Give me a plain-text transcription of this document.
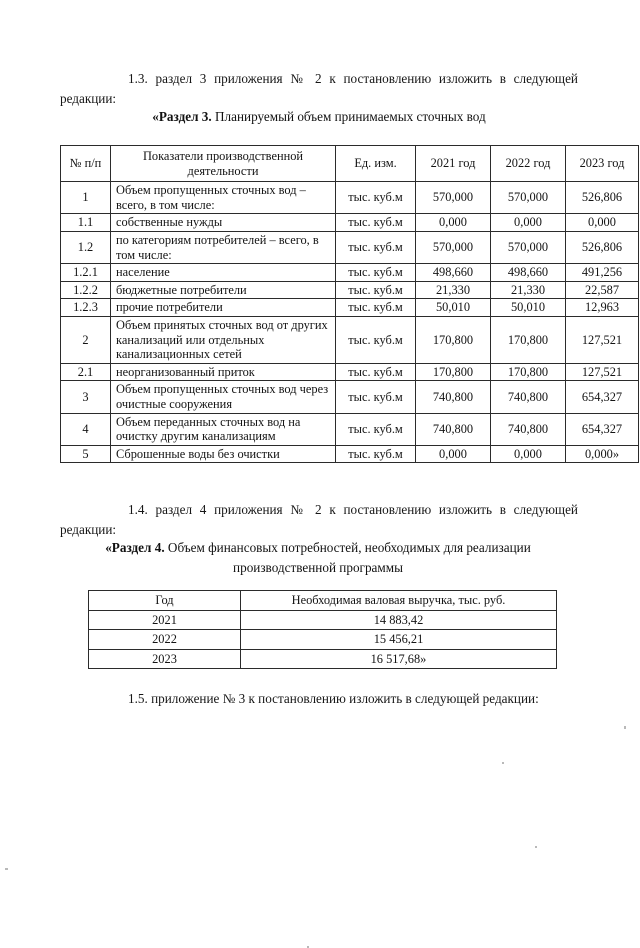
1.3. раздел 3 приложения № 2 к постановлению изложить в следующей редакции:

«Раздел 3. Планируемый объем принимаемых сточных вод
№ п/п	Показатели производственной деятельности	Ед. изм.	2021 год	2022 год	2023 год
1	Объем пропущенных сточных вод – всего, в том числе:	тыс. куб.м	570,000	570,000	526,806
1.1	собственные нужды	тыс. куб.м	0,000	0,000	0,000
1.2	по категориям потребителей – всего, в том числе:	тыс. куб.м	570,000	570,000	526,806
1.2.1	население	тыс. куб.м	498,660	498,660	491,256
1.2.2	бюджетные потребители	тыс. куб.м	21,330	21,330	22,587
1.2.3	прочие потребители	тыс. куб.м	50,010	50,010	12,963
2	Объем принятых сточных вод от других канализаций или отдельных канализационных сетей	тыс. куб.м	170,800	170,800	127,521
2.1	неорганизованный приток	тыс. куб.м	170,800	170,800	127,521
3	Объем пропущенных сточных вод через очистные сооружения	тыс. куб.м	740,800	740,800	654,327
4	Объем переданных сточных вод на очистку другим канализациям	тыс. куб.м	740,800	740,800	654,327
5	Сброшенные воды без очистки	тыс. куб.м	0,000	0,000	0,000»

1.4. раздел 4 приложения № 2 к постановлению изложить в следующей редакции:

«Раздел 4. Объем финансовых потребностей, необходимых для реализации производственной программы
Год	Необходимая валовая выручка, тыс. руб.
2021	14 883,42
2022	15 456,21
2023	16 517,68»

1.5. приложение № 3 к постановлению изложить в следующей редакции:
